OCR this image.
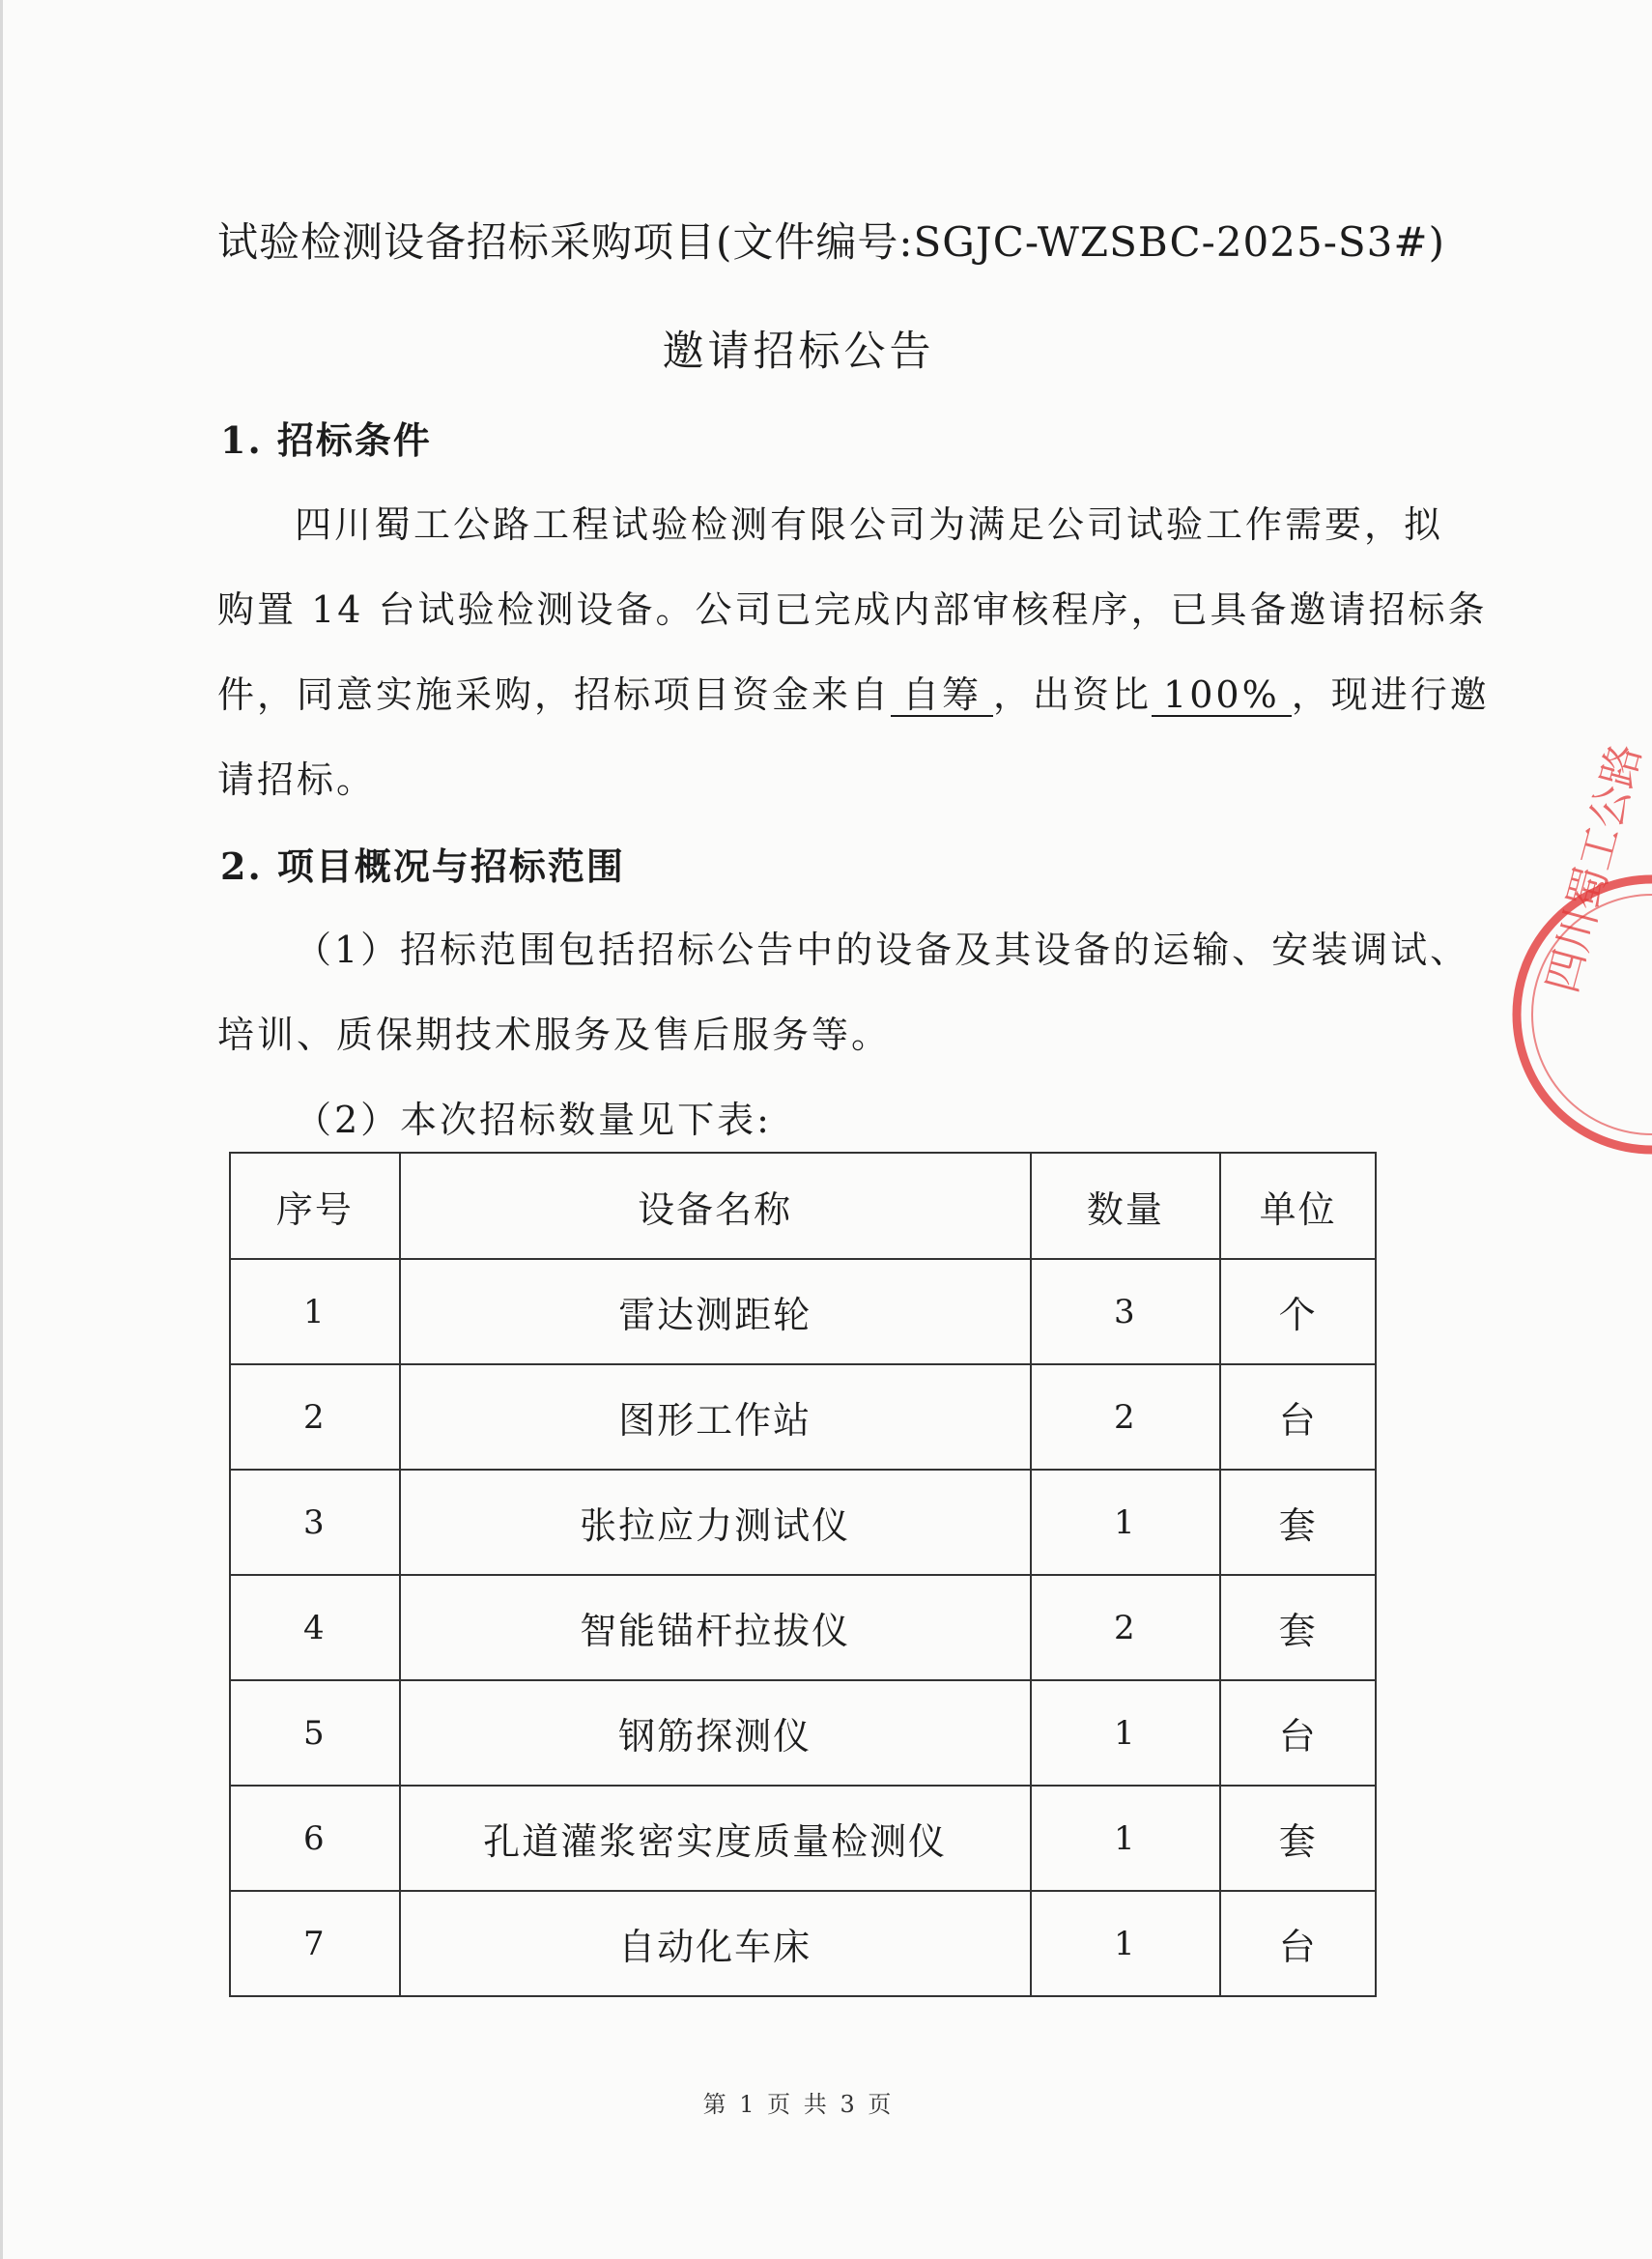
试验检测设备招标采购项目(文件编号:SGJC-WZSBC-2025-S3#)
邀请招标公告
1. 招标条件
四川蜀工公路工程试验检测有限公司为满足公司试验工作需要，拟
购置 14 台试验检测设备。公司已完成内部审核程序，已具备邀请招标条
件，同意实施采购，招标项目资金来自 自筹 ，出资比 100% ，现进行邀
请招标。
2. 项目概况与招标范围
（1）招标范围包括招标公告中的设备及其设备的运输、安装调试、
培训、质保期技术服务及售后服务等。
（2）本次招标数量见下表:
序号	设备名称	数量	单位
1	雷达测距轮	3	个
2	图形工作站	2	台
3	张拉应力测试仪	1	套
4	智能锚杆拉拔仪	2	套
5	钢筋探测仪	1	台
6	孔道灌浆密实度质量检测仪	1	套
7	自动化车床	1	台
四川蜀工公路
第 1 页 共 3 页
